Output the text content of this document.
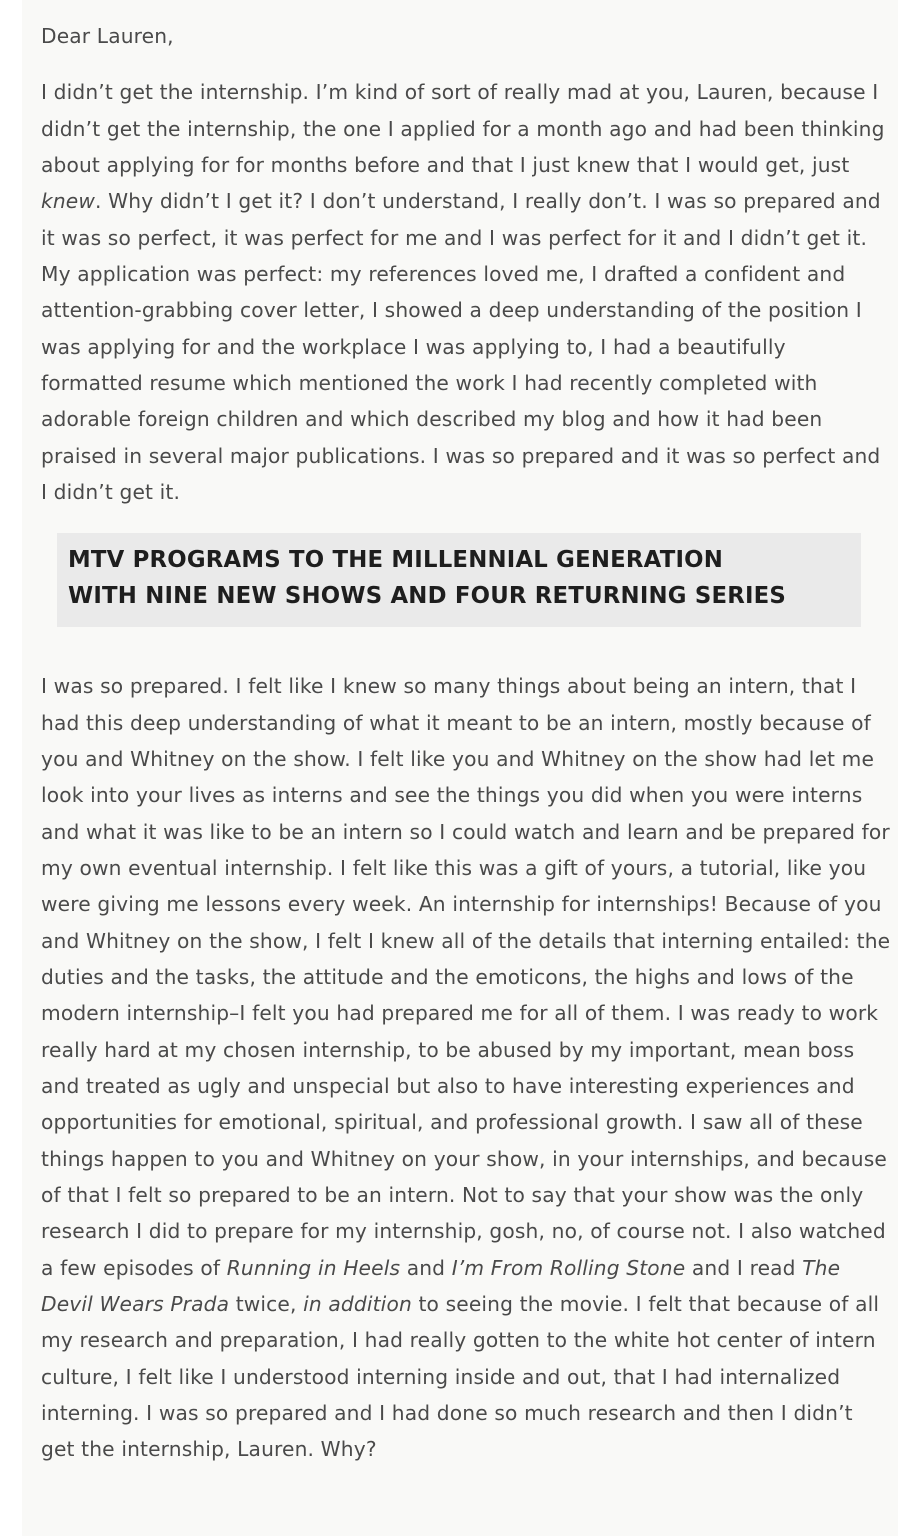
Dear Lauren,

I didn’t get the internship. I’m kind of sort of really mad at you, Lauren, because I didn’t get the internship, the one I applied for a month ago and had been thinking about applying for for months before and that I just knew that I would get, just knew. Why didn’t I get it? I don’t understand, I really don’t. I was so prepared and it was so perfect, it was perfect for me and I was perfect for it and I didn’t get it. My application was perfect: my references loved me, I drafted a confident and attention-grabbing cover letter, I showed a deep understanding of the position I was applying for and the workplace I was applying to, I had a beautifully formatted resume which mentioned the work I had recently completed with adorable foreign children and which described my blog and how it had been praised in several major publications. I was so prepared and it was so perfect and I didn’t get it.

MTV PROGRAMS TO THE MILLENNIAL GENERATION
WITH NINE NEW SHOWS AND FOUR RETURNING SERIES

I was so prepared. I felt like I knew so many things about being an intern, that I had this deep understanding of what it meant to be an intern, mostly because of you and Whitney on the show. I felt like you and Whitney on the show had let me look into your lives as interns and see the things you did when you were interns and what it was like to be an intern so I could watch and learn and be prepared for my own eventual internship. I felt like this was a gift of yours, a tutorial, like you were giving me lessons every week. An internship for internships! Because of you and Whitney on the show, I felt I knew all of the details that interning entailed: the duties and the tasks, the attitude and the emoticons, the highs and lows of the modern internship–I felt you had prepared me for all of them. I was ready to work really hard at my chosen internship, to be abused by my important, mean boss and treated as ugly and unspecial but also to have interesting experiences and opportunities for emotional, spiritual, and professional growth. I saw all of these things happen to you and Whitney on your show, in your internships, and because of that I felt so prepared to be an intern. Not to say that your show was the only research I did to prepare for my internship, gosh, no, of course not. I also watched a few episodes of Running in Heels and I’m From Rolling Stone and I read The Devil Wears Prada twice, in addition to seeing the movie. I felt that because of all my research and preparation, I had really gotten to the white hot center of intern culture, I felt like I understood interning inside and out, that I had internalized interning. I was so prepared and I had done so much research and then I didn’t get the internship, Lauren. Why?
